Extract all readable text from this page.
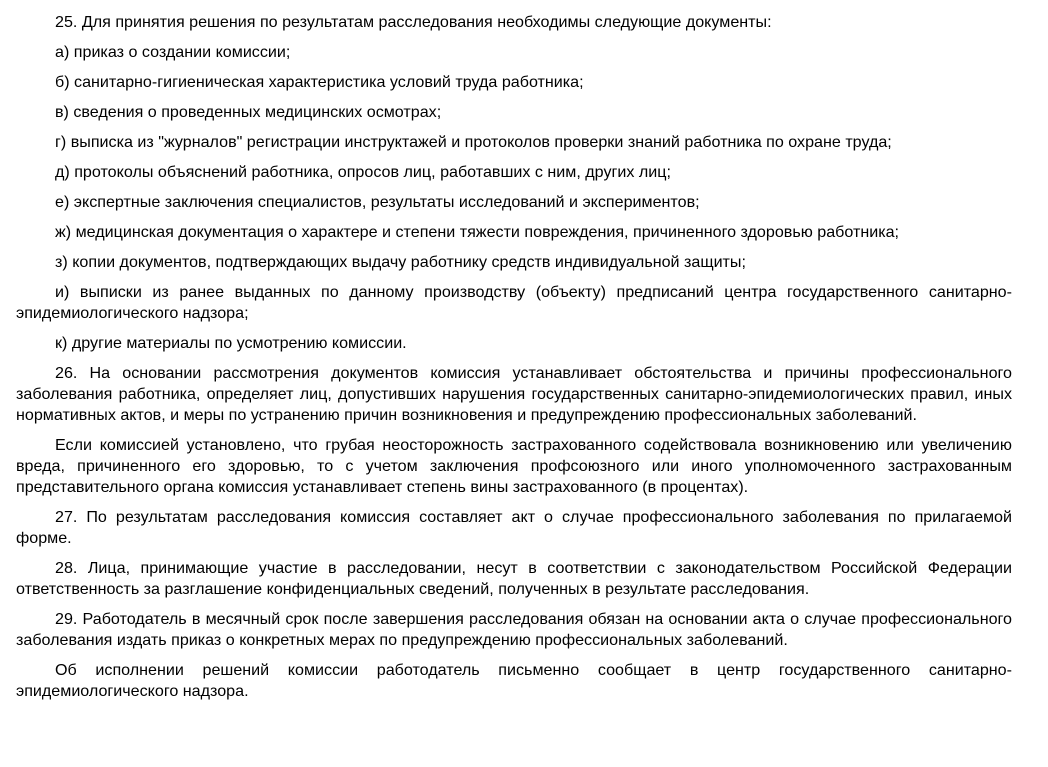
25. Для принятия решения по результатам расследования необходимы следующие документы:

а) приказ о создании комиссии;

б) санитарно-гигиеническая характеристика условий труда работника;

в) сведения о проведенных медицинских осмотрах;

г) выписка из "журналов" регистрации инструктажей и протоколов проверки знаний работника по охране труда;

д) протоколы объяснений работника, опросов лиц, работавших с ним, других лиц;

е) экспертные заключения специалистов, результаты исследований и экспериментов;

ж) медицинская документация о характере и степени тяжести повреждения, причиненного здоровью работника;

з) копии документов, подтверждающих выдачу работнику средств индивидуальной защиты;

и) выписки из ранее выданных по данному производству (объекту) предписаний центра государственного санитарно-эпидемиологического надзора;

к) другие материалы по усмотрению комиссии.

26. На основании рассмотрения документов комиссия устанавливает обстоятельства и причины профессионального заболевания работника, определяет лиц, допустивших нарушения государственных санитарно-эпидемиологических правил, иных нормативных актов, и меры по устранению причин возникновения и предупреждению профессиональных заболеваний.

Если комиссией установлено, что грубая неосторожность застрахованного содействовала возникновению или увеличению вреда, причиненного его здоровью, то с учетом заключения профсоюзного или иного уполномоченного застрахованным представительного органа комиссия устанавливает степень вины застрахованного (в процентах).

27. По результатам расследования комиссия составляет акт о случае профессионального заболевания по прилагаемой форме.

28. Лица, принимающие участие в расследовании, несут в соответствии с законодательством Российской Федерации ответственность за разглашение конфиденциальных сведений, полученных в результате расследования.

29. Работодатель в месячный срок после завершения расследования обязан на основании акта о случае профессионального заболевания издать приказ о конкретных мерах по предупреждению профессиональных заболеваний.

Об исполнении решений комиссии работодатель письменно сообщает в центр государственного санитарно-эпидемиологического надзора.
